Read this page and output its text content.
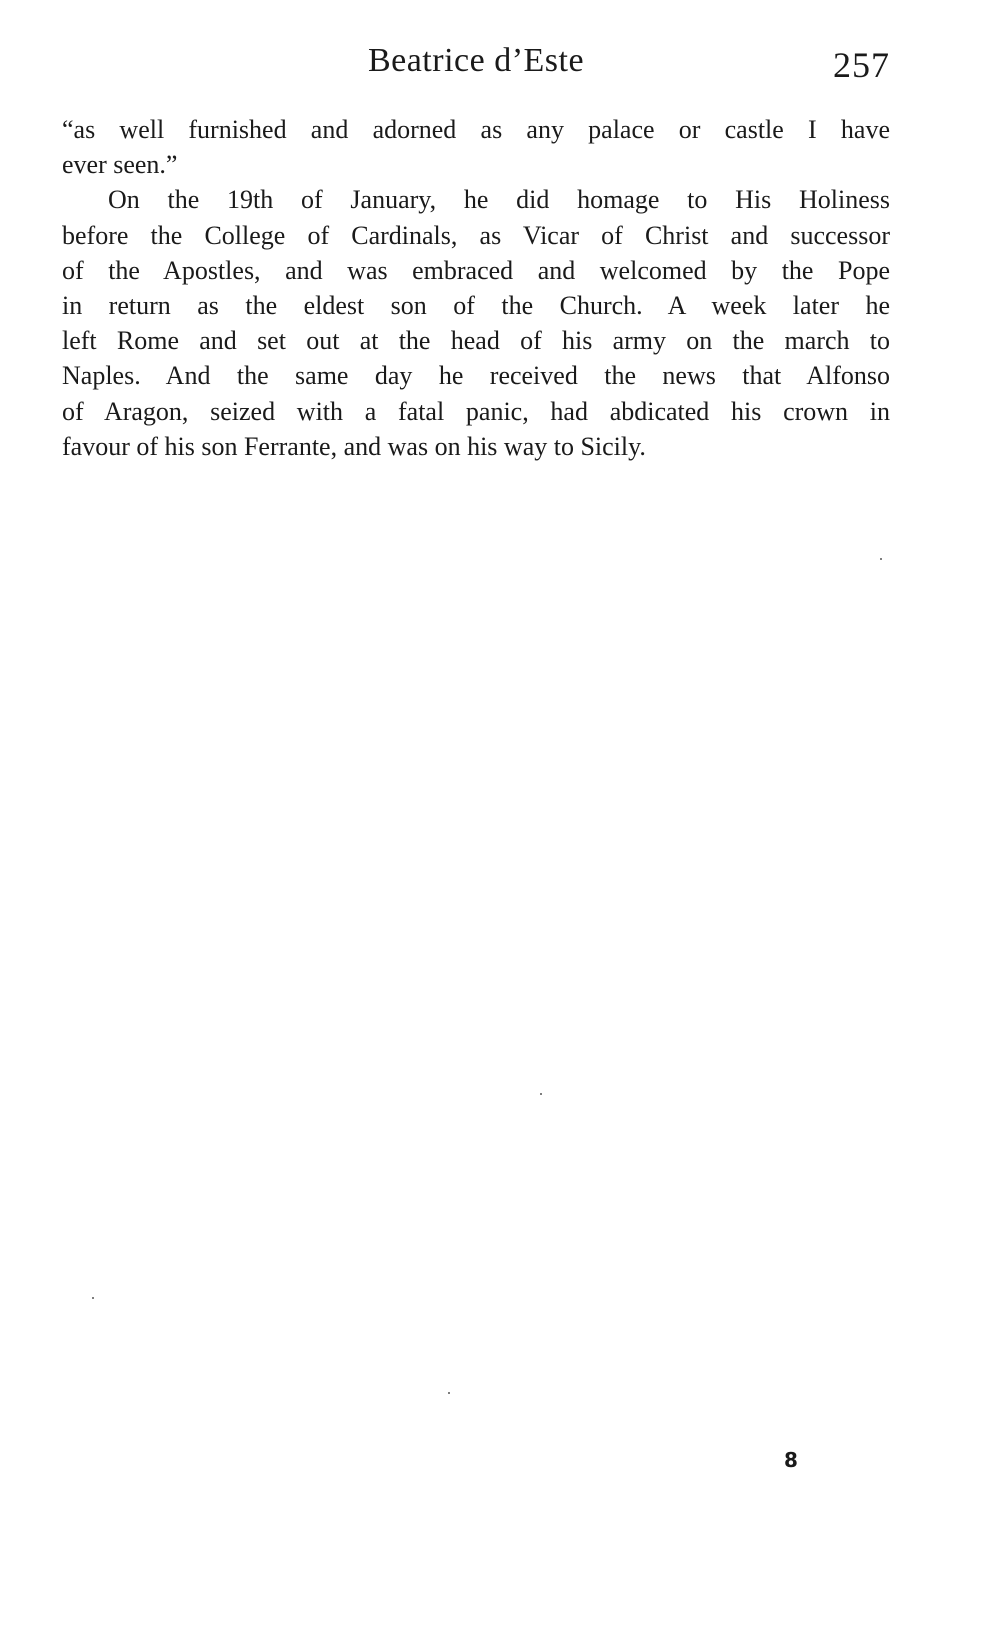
Beatrice d’Este	257
“as well furnished and adorned as any palace or castle I have
ever seen.”
On the 19th of January, he did homage to His Holiness
before the College of Cardinals, as Vicar of Christ and successor
of the Apostles, and was embraced and welcomed by the Pope
in return as the eldest son of the Church. A week later he
left Rome and set out at the head of his army on the march to
Naples. And the same day he received the news that Alfonso
of Aragon, seized with a fatal panic, had abdicated his crown in
favour of his son Ferrante, and was on his way to Sicily.
8
